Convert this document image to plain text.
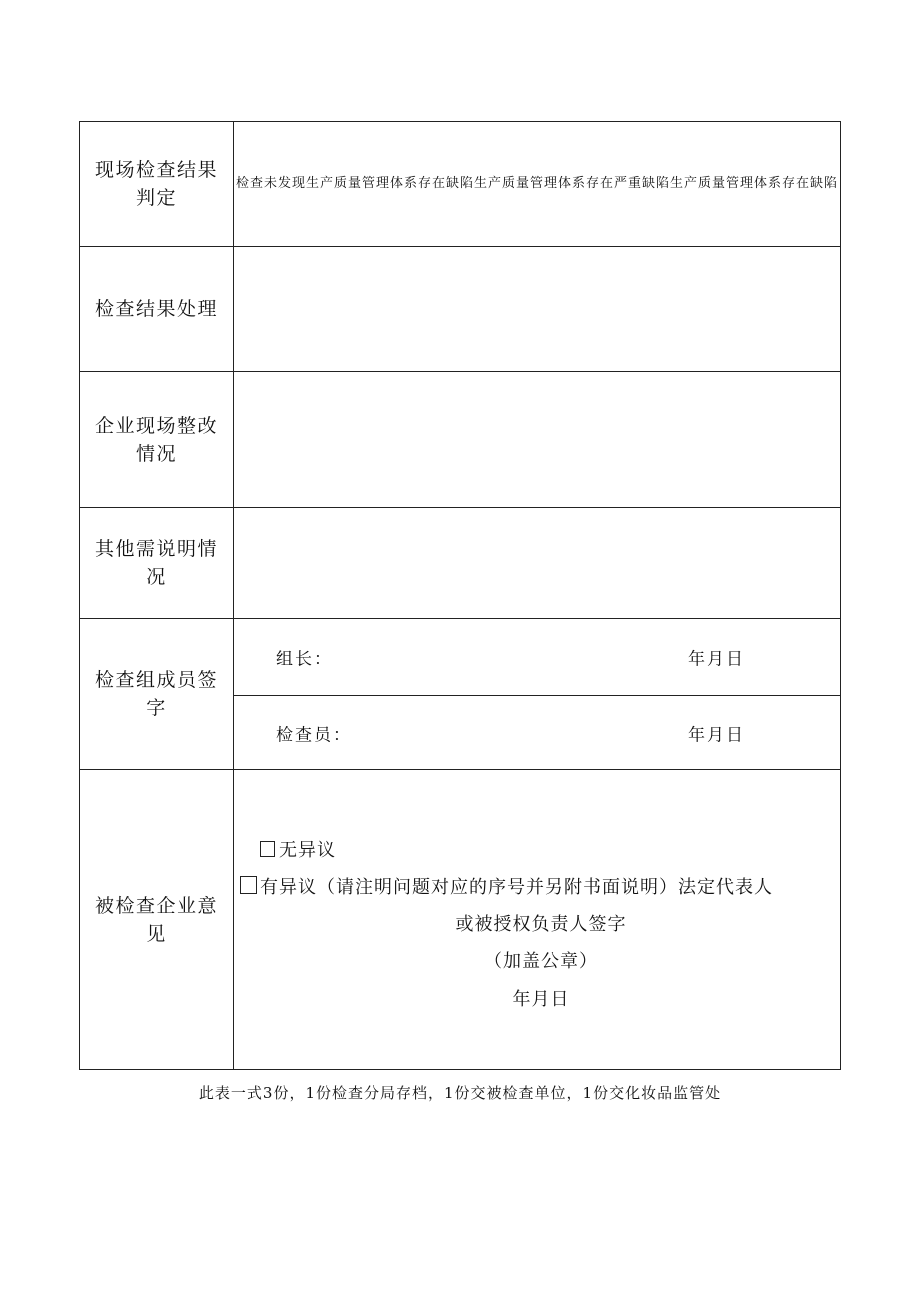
现场检查结果判定	检查未发现生产质量管理体系存在缺陷生产质量管理体系存在严重缺陷生产质量管理体系存在缺陷
检查结果处理	
企业现场整改情况	
其他需说明情况	
检查组成员签字	组长： 年月日

	检查员： 年月日

被检查企业意见	无异议
有异议（请注明问题对应的序号并另附书面说明）法定代表人
或被授权负责人签字
（加盖公章）
年月日
此表一式3份，1份检查分局存档，1份交被检查单位，1份交化妆品监管处
